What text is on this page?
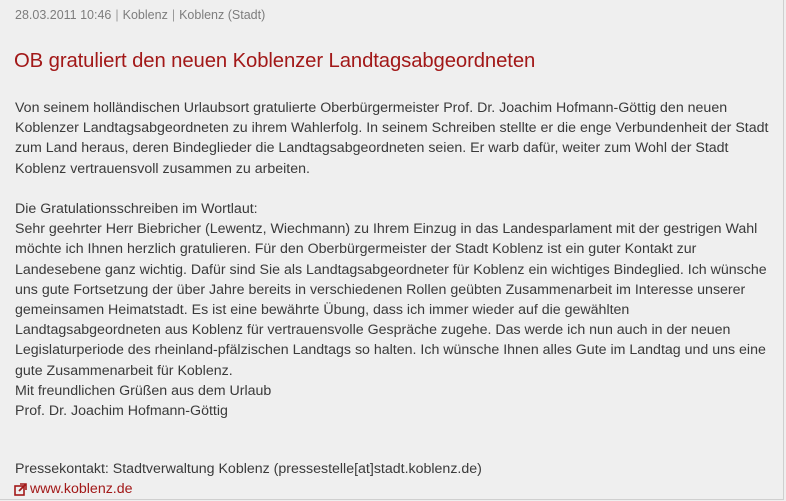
28.03.2011 10:46 | Koblenz | Koblenz (Stadt)
OB gratuliert den neuen Koblenzer Landtagsabgeordneten

Von seinem holländischen Urlaubsort gratulierte Oberbürgermeister Prof. Dr. Joachim Hofmann-Göttig den neuen Koblenzer Landtagsabgeordneten zu ihrem Wahlerfolg. In seinem Schreiben stellte er die enge Verbundenheit der Stadt zum Land heraus, deren Bindeglieder die Landtagsabgeordneten seien. Er warb dafür, weiter zum Wohl der Stadt Koblenz vertrauensvoll zusammen zu arbeiten.

Die Gratulationsschreiben im Wortlaut:
Sehr geehrter Herr Biebricher (Lewentz, Wiechmann) zu Ihrem Einzug in das Landesparlament mit der gestrigen Wahl möchte ich Ihnen herzlich gratulieren. Für den Oberbürgermeister der Stadt Koblenz ist ein guter Kontakt zur Landesebene ganz wichtig. Dafür sind Sie als Landtagsabgeordneter für Koblenz ein wichtiges Bindeglied. Ich wünsche uns gute Fortsetzung der über Jahre bereits in verschiedenen Rollen geübten Zusammenarbeit im Interesse unserer gemeinsamen Heimatstadt. Es ist eine bewährte Übung, dass ich immer wieder auf die gewählten Landtagsabgeordneten aus Koblenz für vertrauensvolle Gespräche zugehe. Das werde ich nun auch in der neuen Legislaturperiode des rheinland-pfälzischen Landtags so halten. Ich wünsche Ihnen alles Gute im Landtag und uns eine gute Zusammenarbeit für Koblenz.
Mit freundlichen Grüßen aus dem Urlaub
Prof. Dr. Joachim Hofmann-Göttig

Pressekontakt: Stadtverwaltung Koblenz (pressestelle[at]stadt.koblenz.de)
www.koblenz.de
